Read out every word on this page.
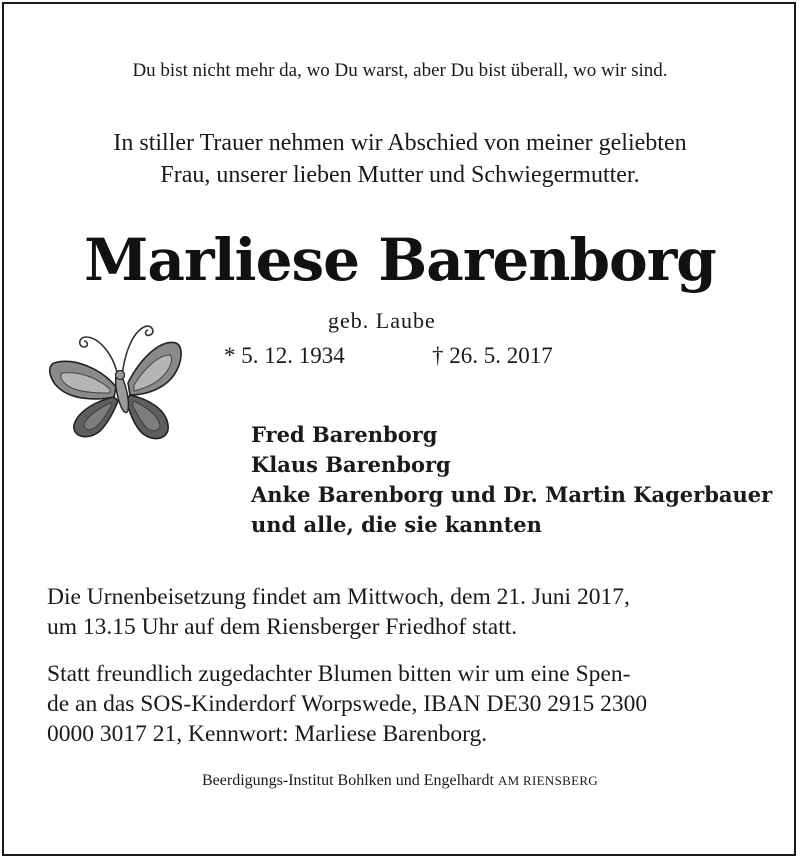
Du bist nicht mehr da, wo Du warst, aber Du bist überall, wo wir sind.
In stiller Trauer nehmen wir Abschied von meiner geliebten
Frau, unserer lieben Mutter und Schwiegermutter.
Marliese Barenborg
geb. Laube
* 5. 12. 1934	† 26. 5. 2017
Fred Barenborg
Klaus Barenborg
Anke Barenborg und Dr. Martin Kagerbauer
und alle, die sie kannten
Die Urnenbeisetzung findet am Mittwoch, dem 21. Juni 2017,
um 13.15 Uhr auf dem Riensberger Friedhof statt.
Statt freundlich zugedachter Blumen bitten wir um eine Spen-
de an das SOS-Kinderdorf Worpswede, IBAN DE30 2915 2300
0000 3017 21, Kennwort: Marliese Barenborg.
Beerdigungs-Institut Bohlken und Engelhardt AM RIENSBERG
